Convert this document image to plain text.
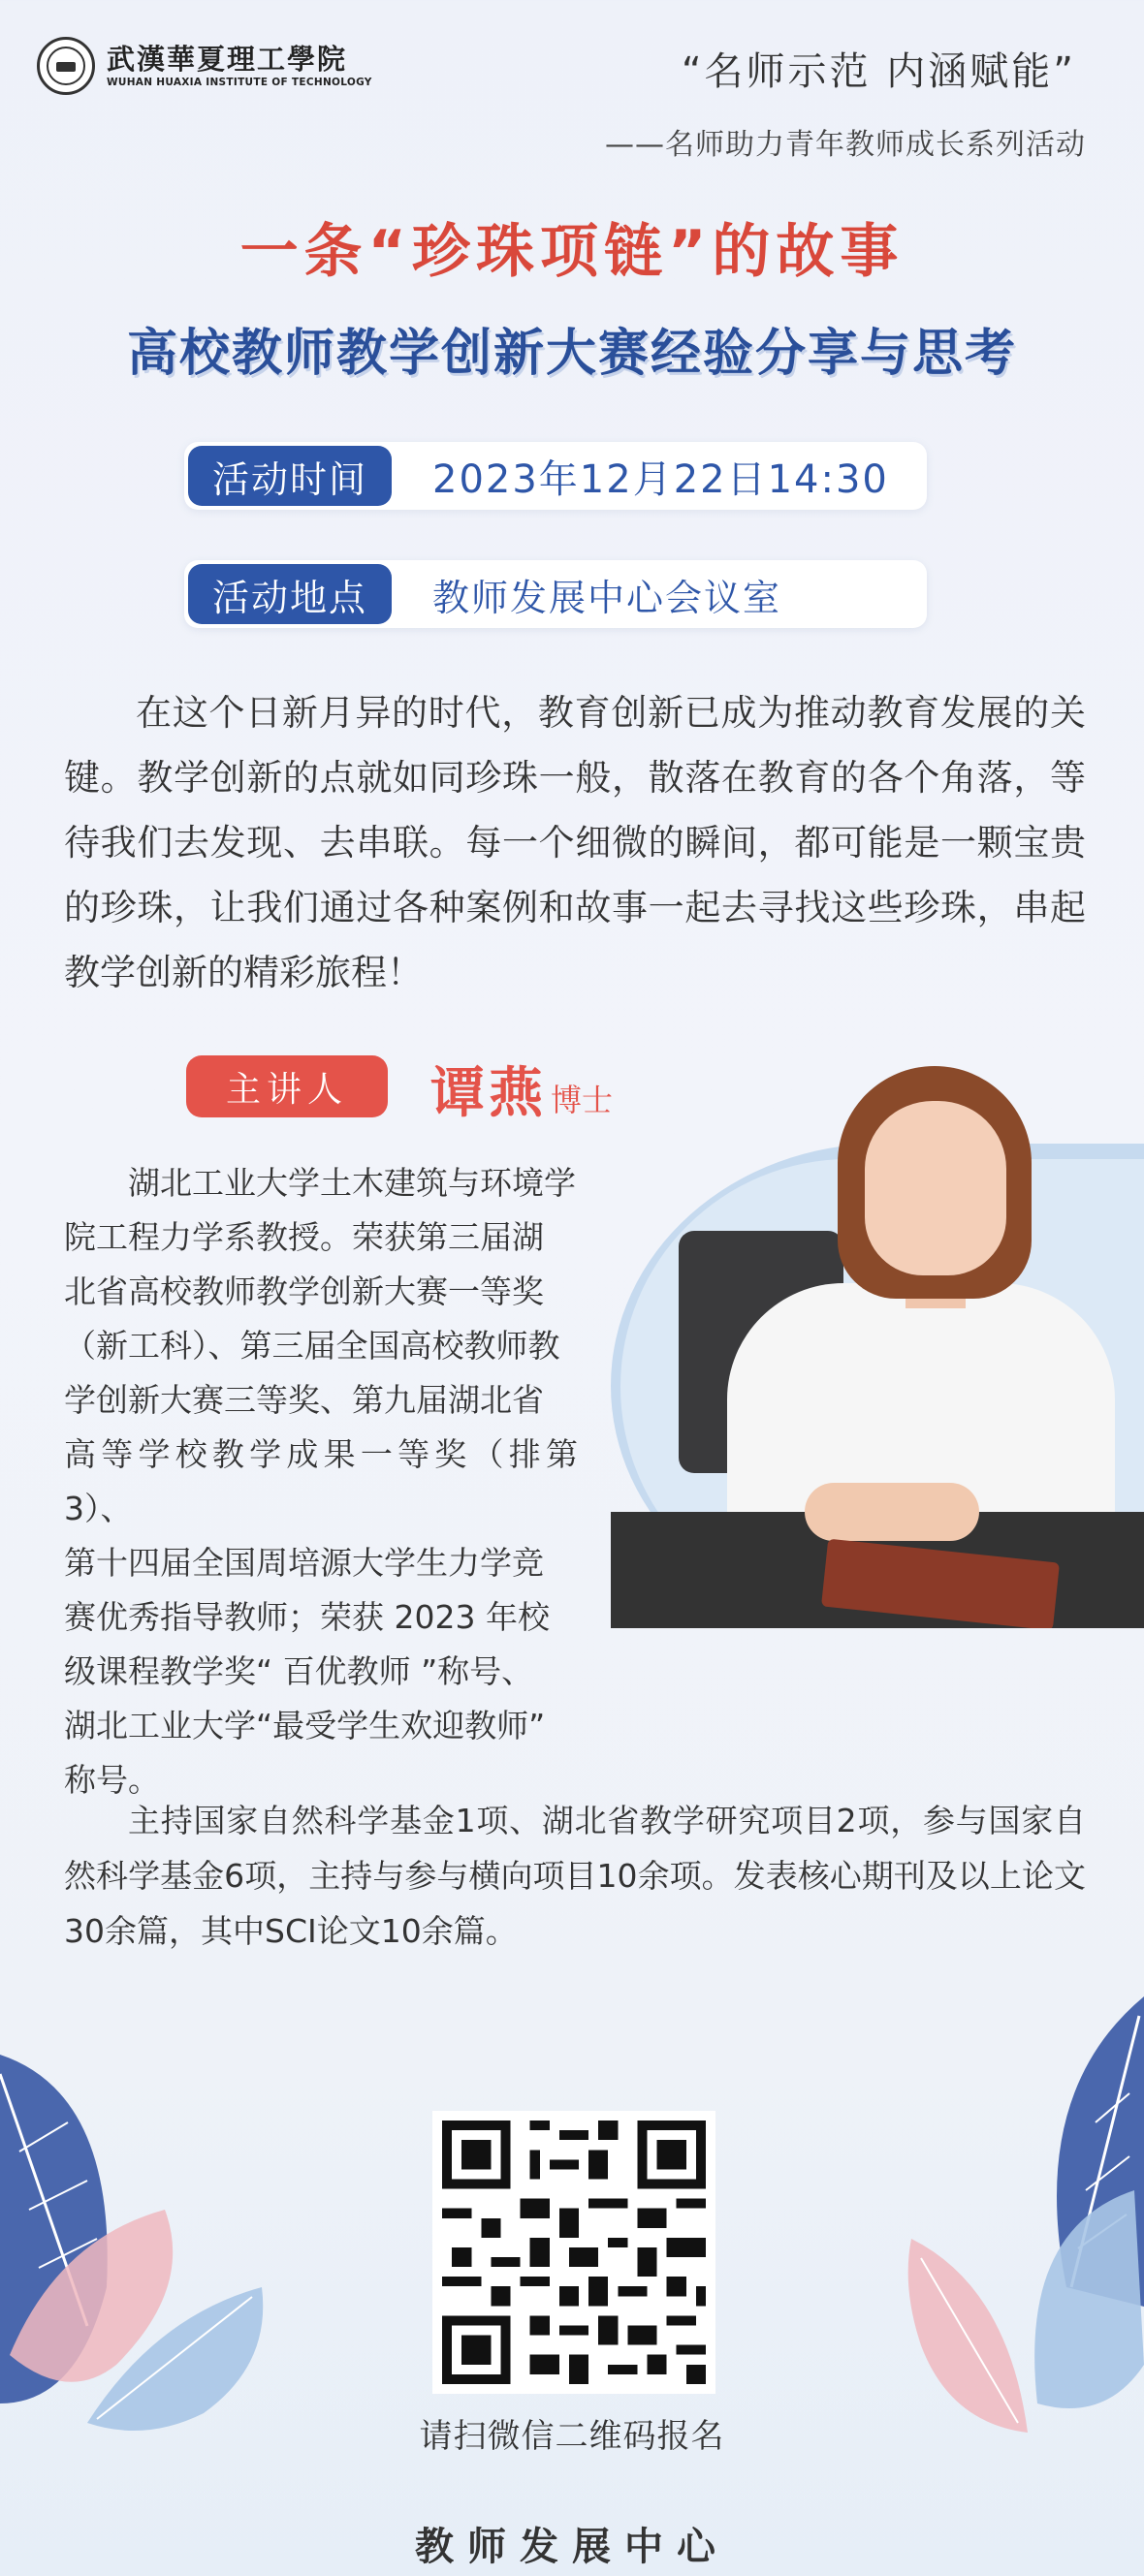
武漢華夏理工學院
WUHAN HUAXIA INSTITUTE OF TECHNOLOGY	“名师示范 内涵赋能”
——名师助力青年教师成长系列活动
一条“珍珠项链”的故事
高校教师教学创新大赛经验分享与思考
活动时间	2023年12月22日14:30
活动地点	教师发展中心会议室

在这个日新月异的时代，教育创新已成为推动教育发展的关键。教学创新的点就如同珍珠一般，散落在教育的各个角落，等待我们去发现、去串联。每一个细微的瞬间，都可能是一颗宝贵的珍珠，让我们通过各种案例和故事一起去寻找这些珍珠，串起教学创新的精彩旅程！

主讲人	谭燕 博士

湖北工业大学土木建筑与环境学

院工程力学系教授。荣获第三届湖

北省高校教师教学创新大赛一等奖

（新工科）、第三届全国高校教师教

学创新大赛三等奖、第九届湖北省

高等学校教学成果一等奖（排第3）、

第十四届全国周培源大学生力学竞

赛优秀指导教师；荣获 2023 年校

级课程教学奖“ 百优教师 ”称号、

湖北工业大学“最受学生欢迎教师”

称号。

主持国家自然科学基金1项、湖北省教学研究项目2项，参与国家自然科学基金6项，主持与参与横向项目10余项。发表核心期刊及以上论文30余篇，其中SCI论文10余篇。

请扫微信二维码报名
教师发展中心
